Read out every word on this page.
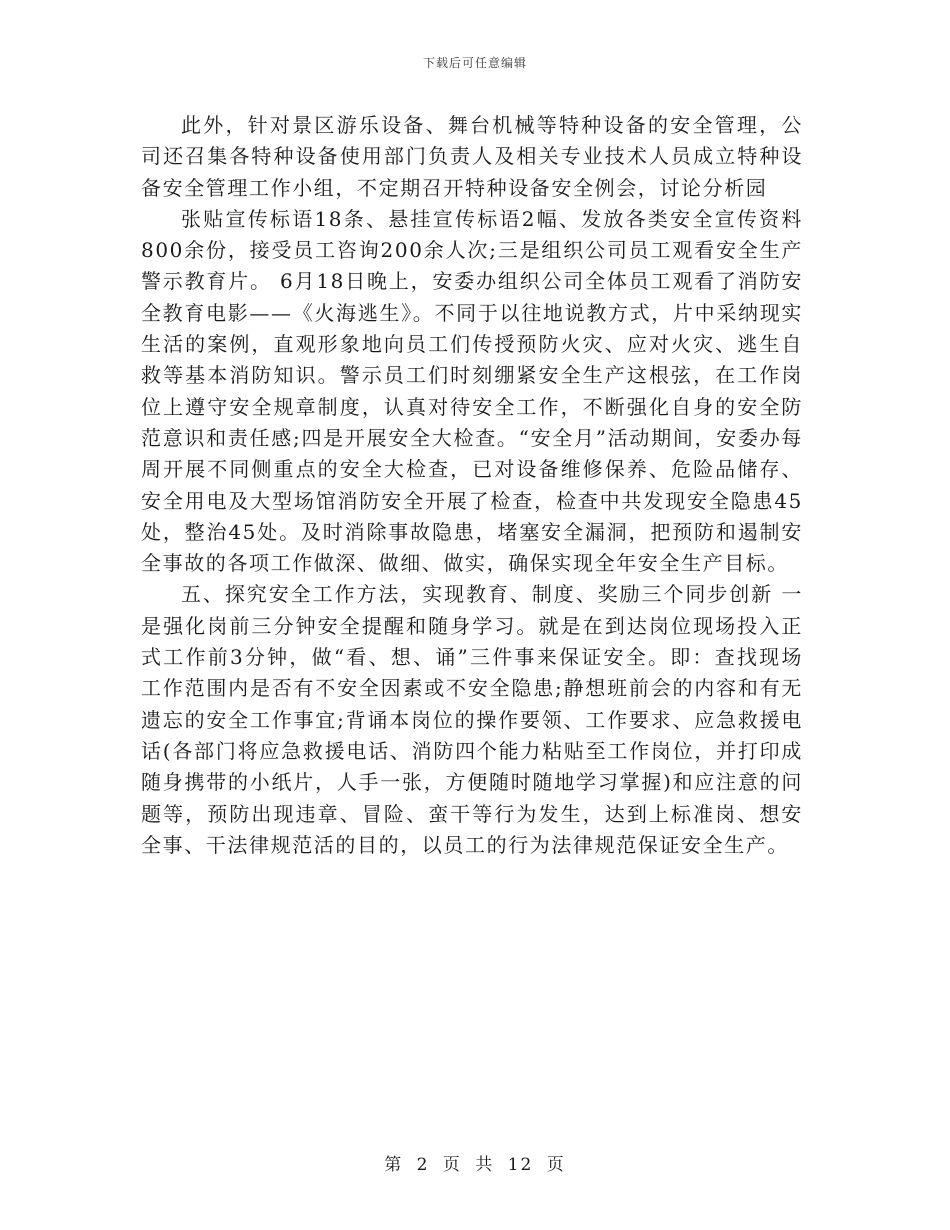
下载后可任意编辑

此外，针对景区游乐设备、舞台机械等特种设备的安全管理，公司还召集各特种设备使用部门负责人及相关专业技术人员成立特种设备安全管理工作小组，不定期召开特种设备安全例会，讨论分析园

张贴宣传标语18条、悬挂宣传标语2幅、发放各类安全宣传资料800余份，接受员工咨询200余人次;三是组织公司员工观看安全生产警示教育片。 6月18日晚上，安委办组织公司全体员工观看了消防安全教育电影——《火海逃生》。不同于以往地说教方式，片中采纳现实生活的案例，直观形象地向员工们传授预防火灾、应对火灾、逃生自救等基本消防知识。警示员工们时刻绷紧安全生产这根弦，在工作岗位上遵守安全规章制度，认真对待安全工作，不断强化自身的安全防范意识和责任感;四是开展安全大检查。“安全月”活动期间，安委办每周开展不同侧重点的安全大检查，已对设备维修保养、危险品储存、安全用电及大型场馆消防安全开展了检查，检查中共发现安全隐患45处，整治45处。及时消除事故隐患，堵塞安全漏洞，把预防和遏制安全事故的各项工作做深、做细、做实，确保实现全年安全生产目标。

五、探究安全工作方法，实现教育、制度、奖励三个同步创新 一是强化岗前三分钟安全提醒和随身学习。就是在到达岗位现场投入正式工作前3分钟，做“看、想、诵”三件事来保证安全。即：查找现场工作范围内是否有不安全因素或不安全隐患;静想班前会的内容和有无遗忘的安全工作事宜;背诵本岗位的操作要领、工作要求、应急救援电话(各部门将应急救援电话、消防四个能力粘贴至工作岗位，并打印成随身携带的小纸片，人手一张，方便随时随地学习掌握)和应注意的问题等，预防出现违章、冒险、蛮干等行为发生，达到上标准岗、想安全事、干法律规范活的目的，以员工的行为法律规范保证安全生产。

第 2 页 共 12 页
